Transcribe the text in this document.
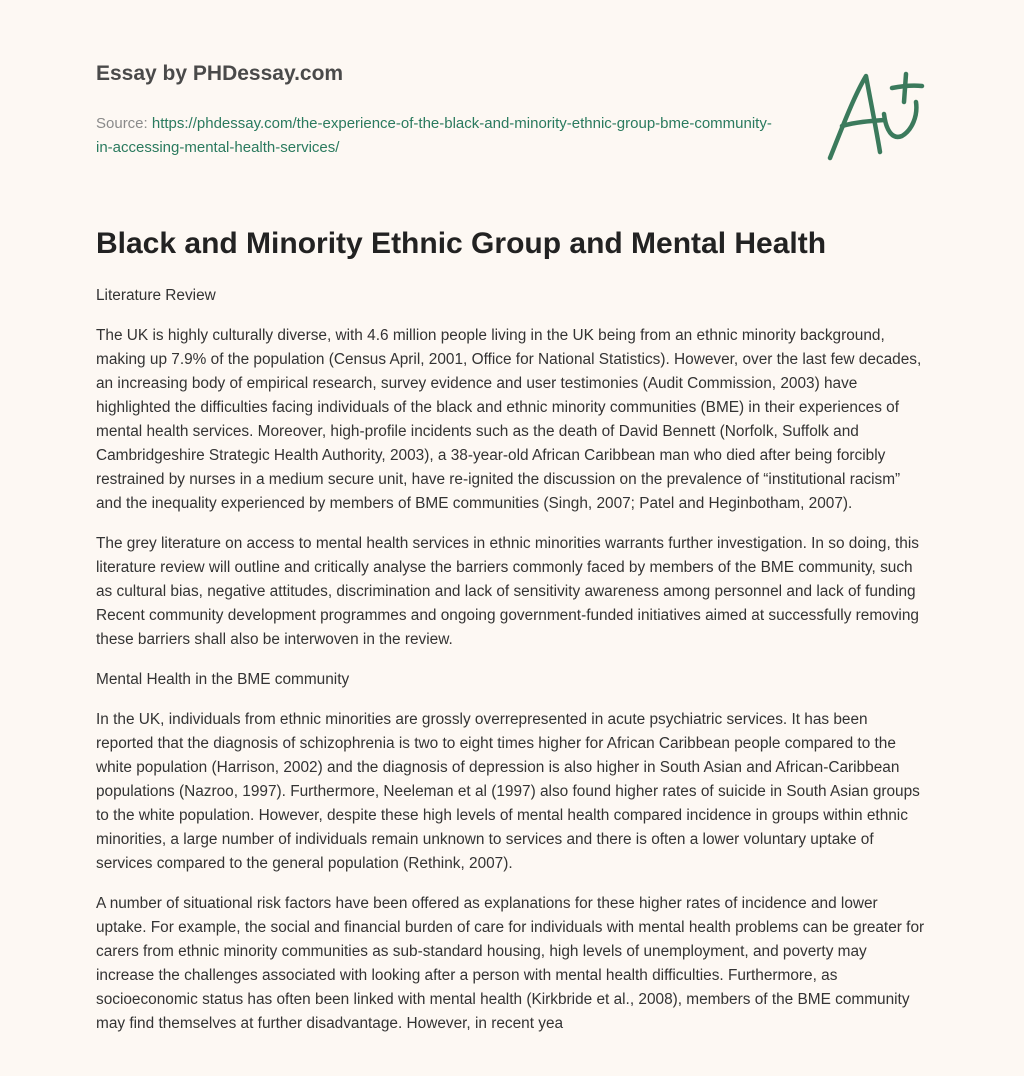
Essay by PHDessay.com
Source: https://phdessay.com/the-experience-of-the-black-and-minority-ethnic-group-bme-community-in-accessing-mental-health-services/
Black and Minority Ethnic Group and Mental Health

Literature Review

The UK is highly culturally diverse, with 4.6 million people living in the UK being from an ethnic minority background, making up 7.9% of the population (Census April, 2001, Office for National Statistics). However, over the last few decades, an increasing body of empirical research, survey evidence and user testimonies (Audit Commission, 2003) have highlighted the difficulties facing individuals of the black and ethnic minority communities (BME) in their experiences of mental health services. Moreover, high-profile incidents such as the death of David Bennett (Norfolk, Suffolk and Cambridgeshire Strategic Health Authority, 2003), a 38-year-old African Caribbean man who died after being forcibly restrained by nurses in a medium secure unit, have re-ignited the discussion on the prevalence of “institutional racism” and the inequality experienced by members of BME communities (Singh, 2007; Patel and Heginbotham, 2007).

The grey literature on access to mental health services in ethnic minorities warrants further investigation. In so doing, this literature review will outline and critically analyse the barriers commonly faced by members of the BME community, such as cultural bias, negative attitudes, discrimination and lack of sensitivity awareness among personnel and lack of funding Recent community development programmes and ongoing government-funded initiatives aimed at successfully removing these barriers shall also be interwoven in the review.

Mental Health in the BME community

In the UK, individuals from ethnic minorities are grossly overrepresented in acute psychiatric services. It has been reported that the diagnosis of schizophrenia is two to eight times higher for African Caribbean people compared to the white population (Harrison, 2002) and the diagnosis of depression is also higher in South Asian and African-Caribbean populations (Nazroo, 1997). Furthermore, Neeleman et al (1997) also found higher rates of suicide in South Asian groups to the white population. However, despite these high levels of mental health compared incidence in groups within ethnic minorities, a large number of individuals remain unknown to services and there is often a lower voluntary uptake of services compared to the general population (Rethink, 2007).

A number of situational risk factors have been offered as explanations for these higher rates of incidence and lower uptake. For example, the social and financial burden of care for individuals with mental health problems can be greater for carers from ethnic minority communities as sub-standard housing, high levels of unemployment, and poverty may increase the challenges associated with looking after a person with mental health difficulties. Furthermore, as socioeconomic status has often been linked with mental health (Kirkbride et al., 2008), members of the BME community may find themselves at further disadvantage. However, in recent yea
